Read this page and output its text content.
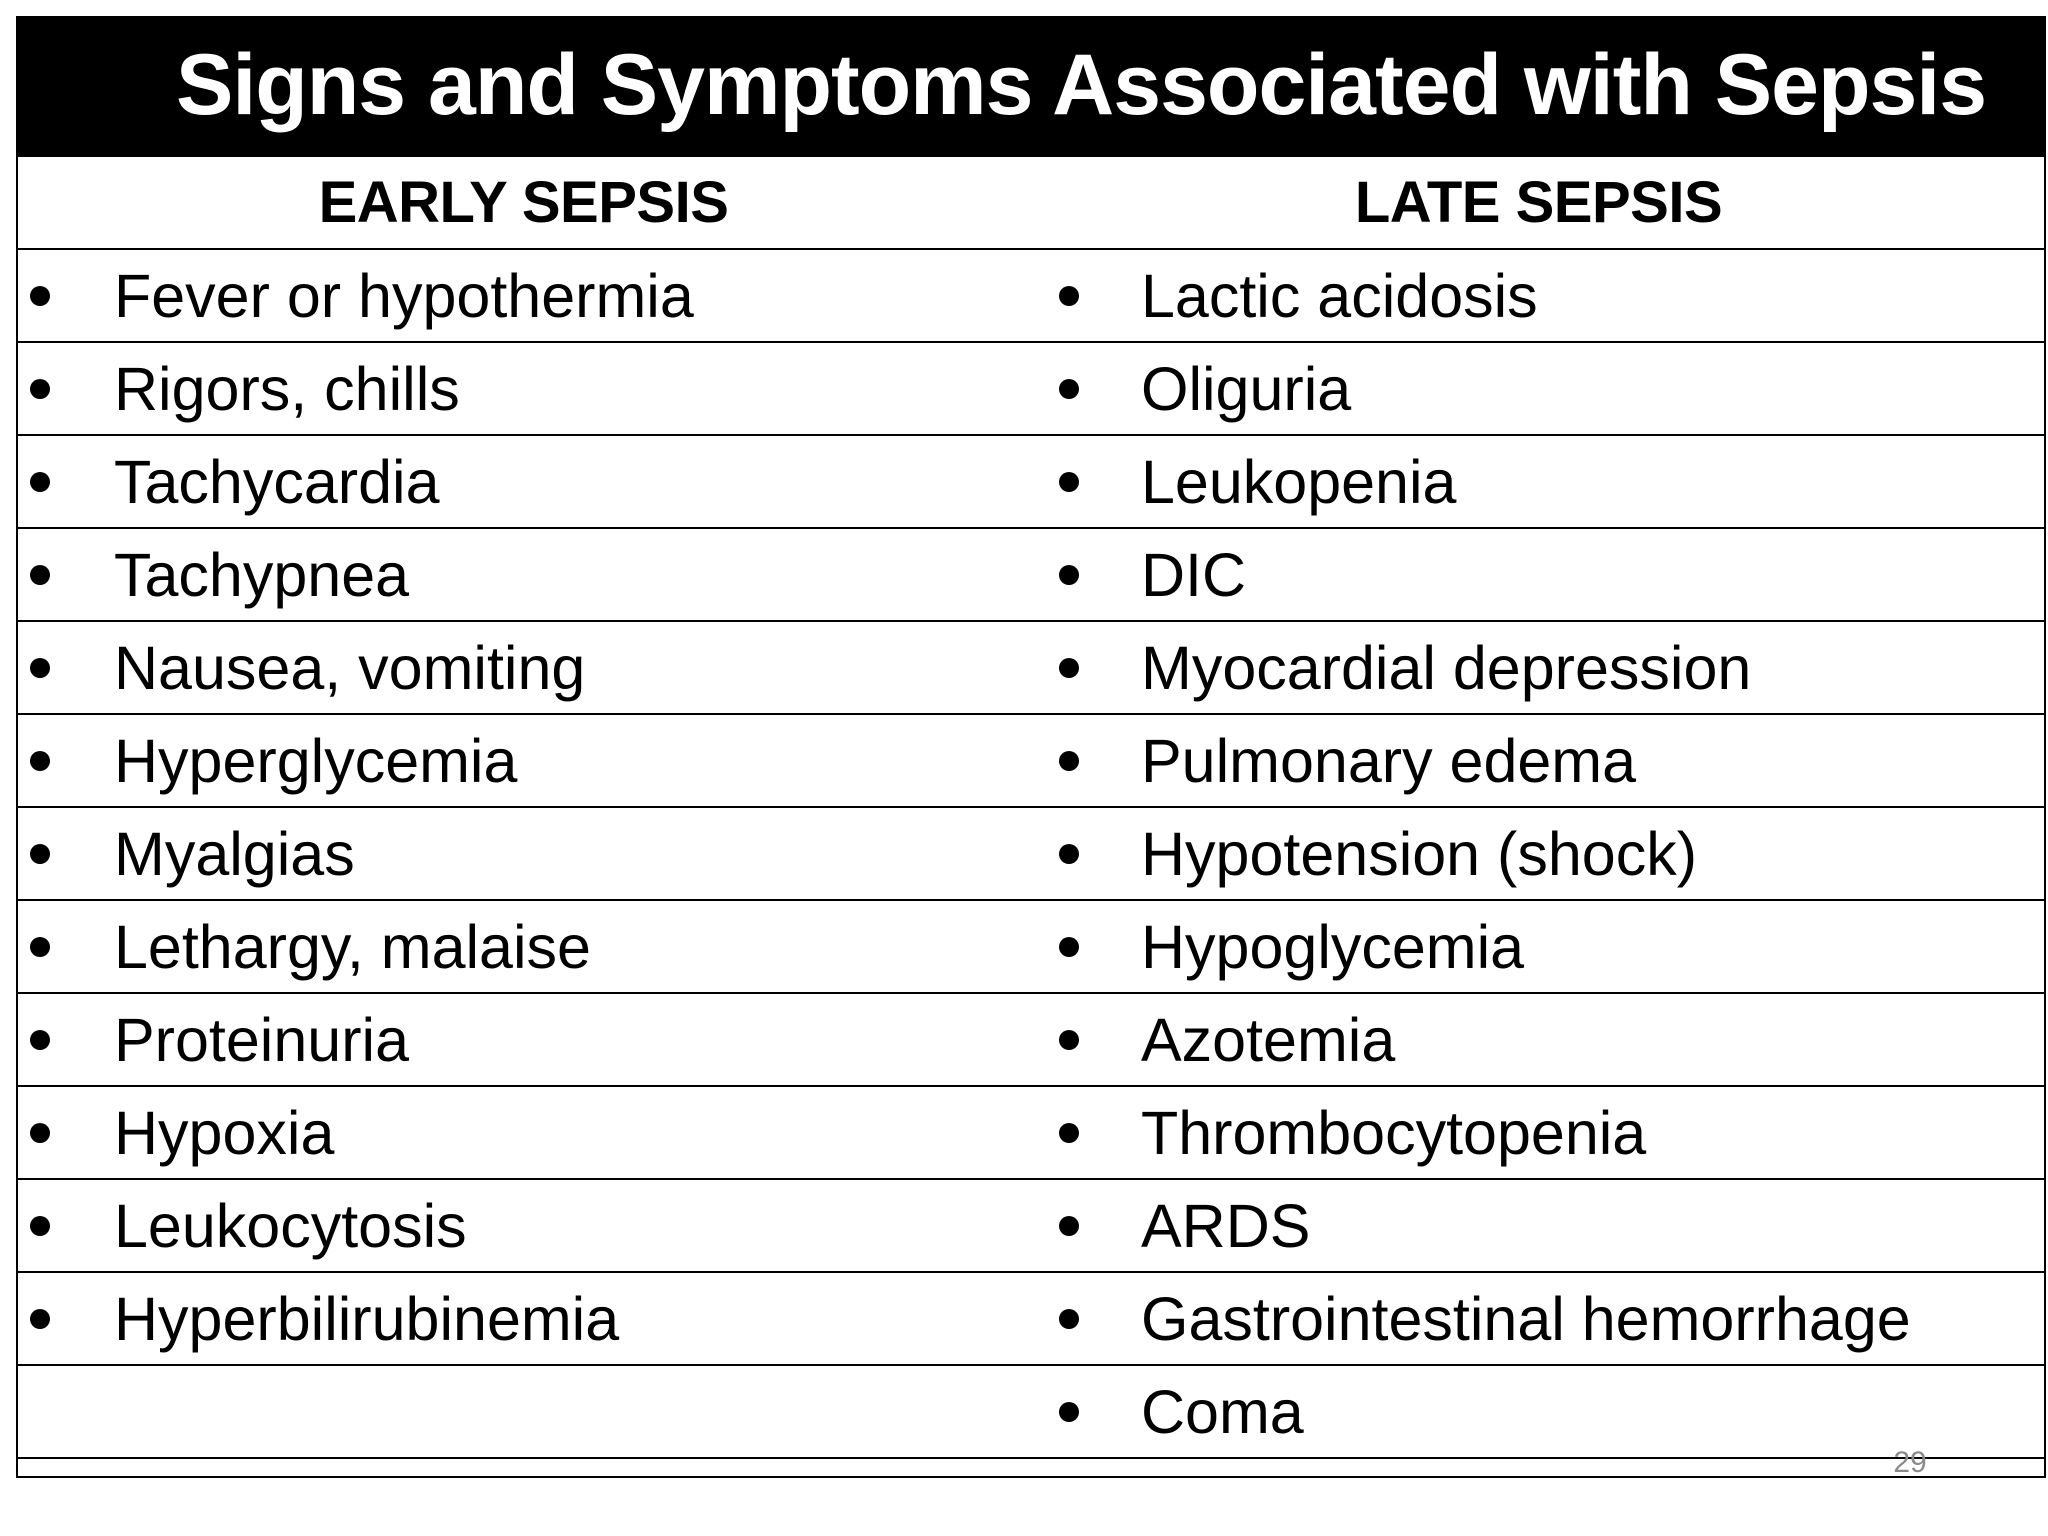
Signs and Symptoms Associated with Sepsis
EARLY SEPSIS	LATE SEPSIS

Fever or hypothermia	Lactic acidosis

Rigors, chills	Oliguria

Tachycardia	Leukopenia

Tachypnea	DIC

Nausea, vomiting	Myocardial depression

Hyperglycemia	Pulmonary edema

Myalgias	Hypotension (shock)

Lethargy, malaise	Hypoglycemia

Proteinuria	Azotemia

Hypoxia	Thrombocytopenia

Leukocytosis	ARDS

Hyperbilirubinemia	Gastrointestinal hemorrhage

	Coma
29
